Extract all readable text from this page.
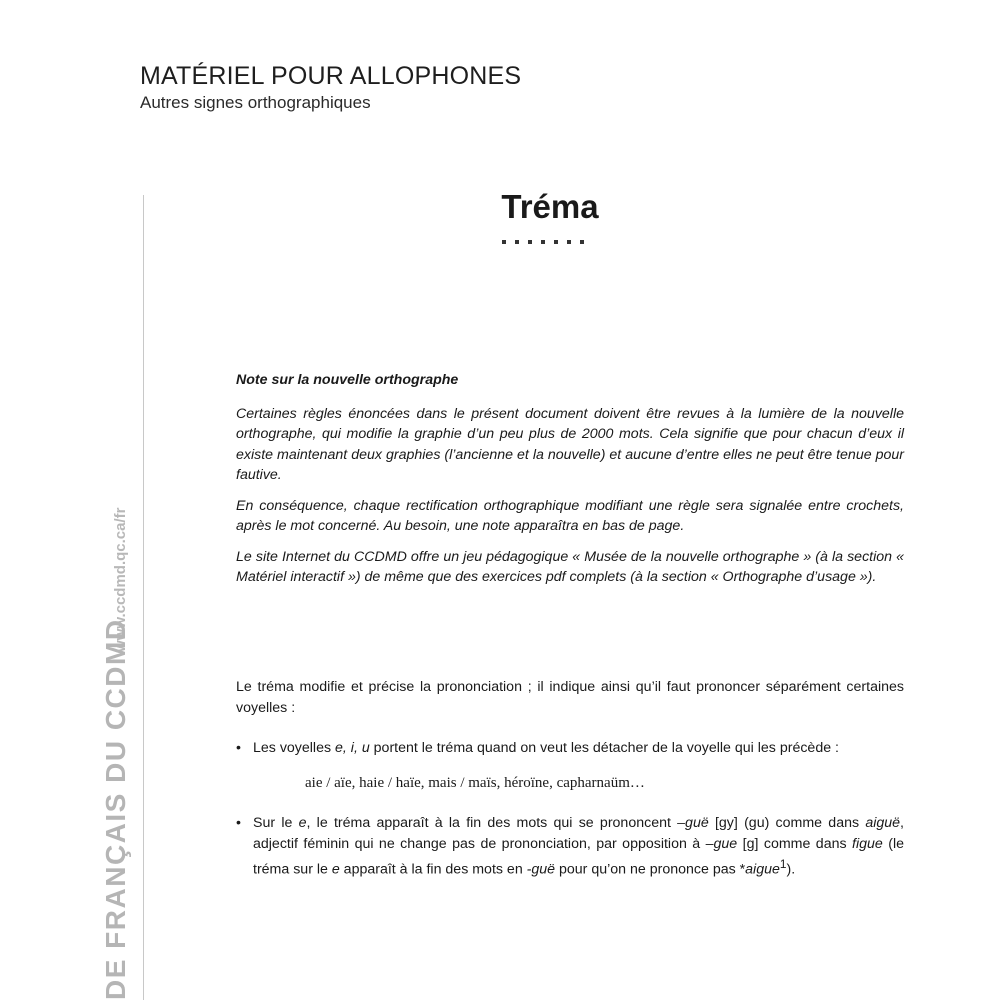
MATÉRIEL POUR ALLOPHONES
Autres signes orthographiques
www.ccdmd.qc.ca/fr
DE FRANÇAIS DU CCDMD
Tréma
Note sur la nouvelle orthographe

Certaines règles énoncées dans le présent document doivent être revues à la lumière de la nouvelle orthographe, qui modifie la graphie d’un peu plus de 2000 mots. Cela signifie que pour chacun d’eux il existe maintenant deux graphies (l’ancienne et la nouvelle) et aucune d’entre elles ne peut être tenue pour fautive.

En conséquence, chaque rectification orthographique modifiant une règle sera signalée entre crochets, après le mot concerné. Au besoin, une note apparaîtra en bas de page.

Le site Internet du CCDMD offre un jeu pédagogique « Musée de la nouvelle orthographe » (à la section « Matériel interactif ») de même que des exercices pdf complets (à la section « Orthographe d’usage »).

Le tréma modifie et précise la prononciation ; il indique ainsi qu’il faut prononcer séparément certaines voyelles :

• Les voyelles e, i, u portent le tréma quand on veut les détacher de la voyelle qui les précède :
aie / aïe, haie / haïe, mais / maïs, héroïne, capharnaüm…
• Sur le e, le tréma apparaît à la fin des mots qui se prononcent –guë [gy] (gu) comme dans aiguë, adjectif féminin qui ne change pas de prononciation, par opposition à –gue [g] comme dans figue (le tréma sur le e apparaît à la fin des mots en -guë pour qu’on ne prononce pas *aigue$^1$).
